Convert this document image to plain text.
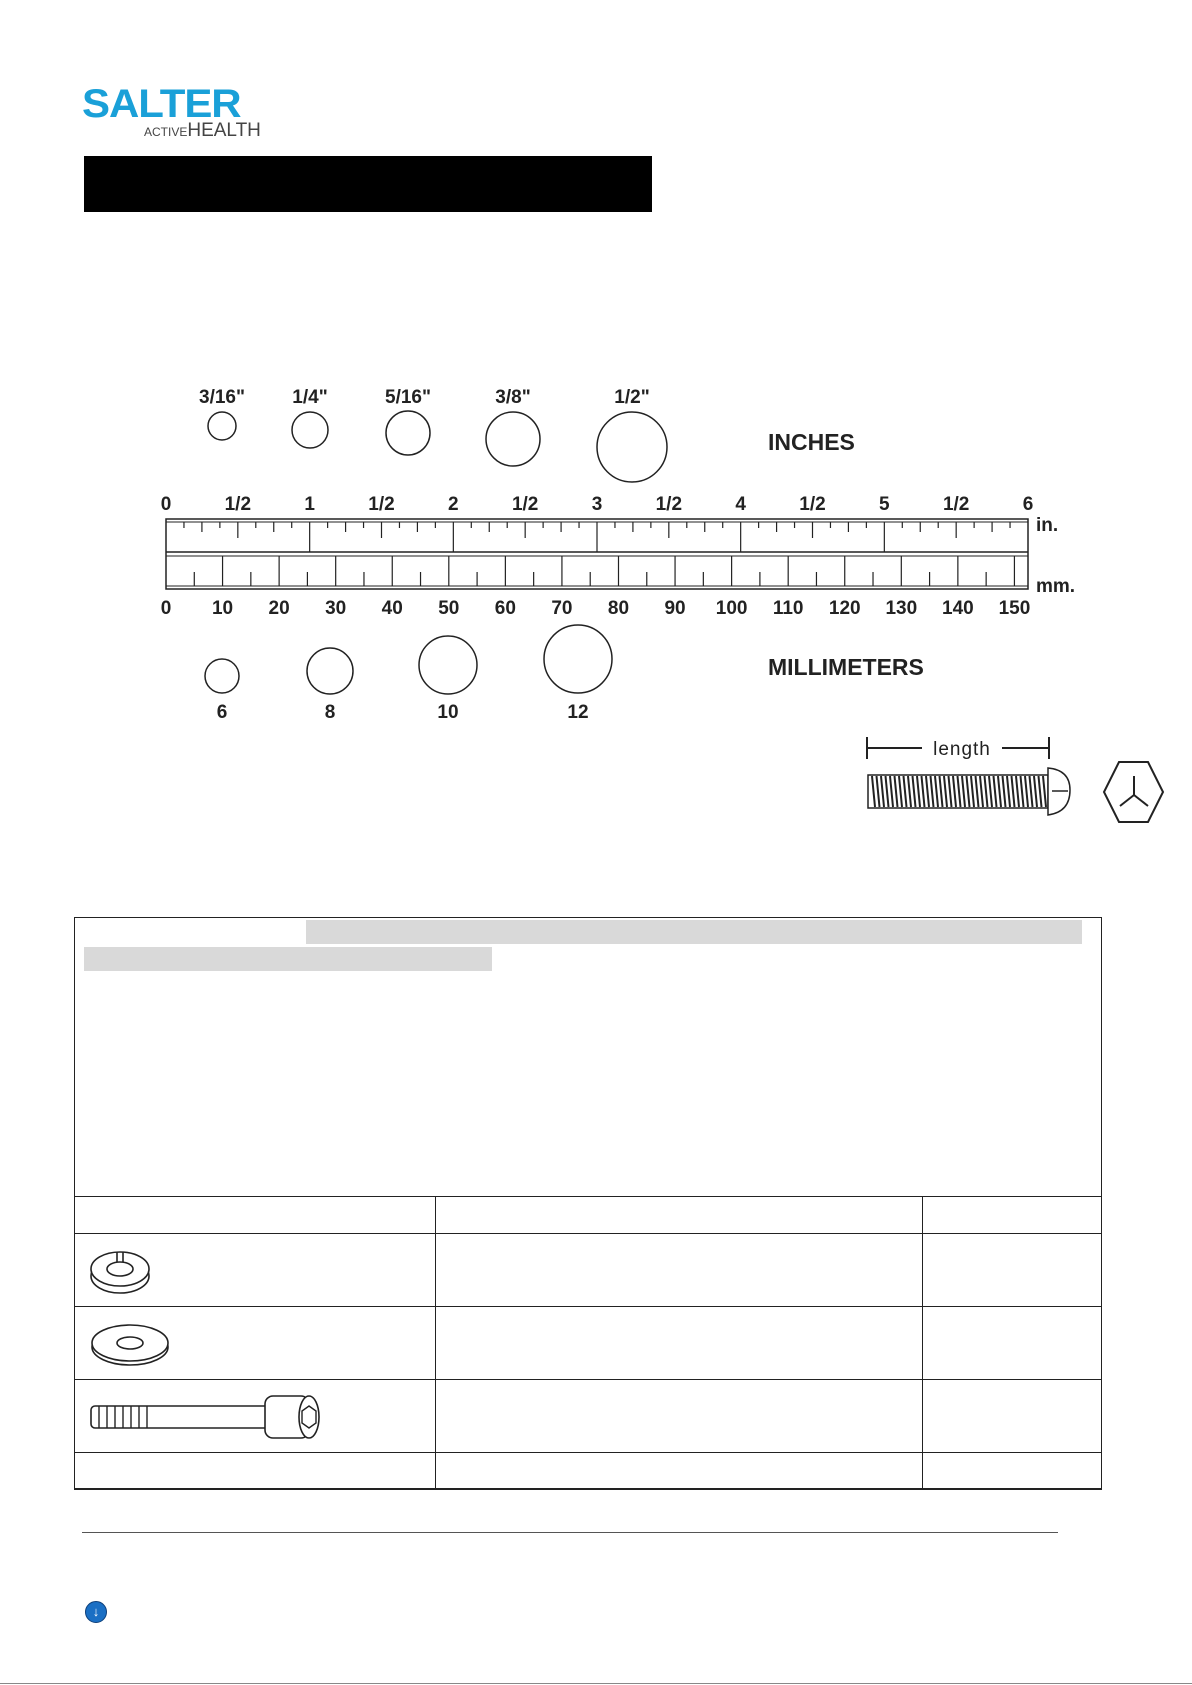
SALTER
ACTIVEHEALTH
3/16" 1/4"	5/16"	3/8"	1/2"
INCHES
0	1/2	1	1/2	2	1/2	3	1/2	4	1/2	5	1/2	6
in.
mm.
0 10 20 30 40 50 60 70 80 90 100 110 120 130 140 150
6	8	10	12
MILLIMETERS
length

↓
